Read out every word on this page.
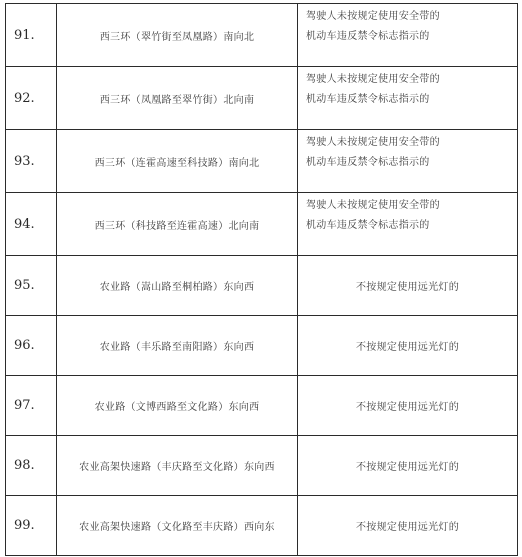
91.	西三环（翠竹街至凤凰路）南向北	驾驶人未按规定使用安全带的
机动车违反禁令标志指示的

92.	西三环（凤凰路至翠竹街）北向南	驾驶人未按规定使用安全带的
机动车违反禁令标志指示的

93.	西三环（连霍高速至科技路）南向北	驾驶人未按规定使用安全带的
机动车违反禁令标志指示的

94.	西三环（科技路至连霍高速）北向南	驾驶人未按规定使用安全带的
机动车违反禁令标志指示的

95.	农业路（嵩山路至桐柏路）东向西	不按规定使用远光灯的

96.	农业路（丰乐路至南阳路）东向西	不按规定使用远光灯的

97.	农业路（文博西路至文化路）东向西	不按规定使用远光灯的

98.	农业高架快速路（丰庆路至文化路）东向西	不按规定使用远光灯的

99.	农业高架快速路（文化路至丰庆路）西向东	不按规定使用远光灯的
